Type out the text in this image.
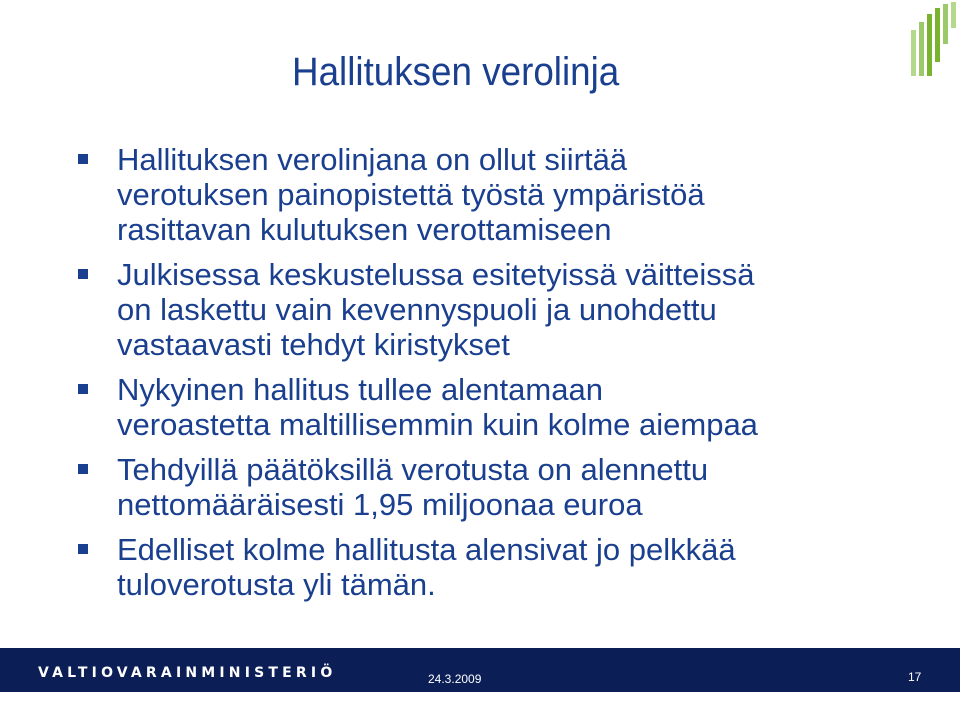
Hallituksen verolinja
Hallituksen verolinjana on ollut siirtää
verotuksen painopistettä työstä ympäristöä
rasittavan kulutuksen verottamiseen
Julkisessa keskustelussa esitetyissä väitteissä
on laskettu vain kevennyspuoli ja unohdettu
vastaavasti tehdyt kiristykset
Nykyinen hallitus tullee alentamaan
veroastetta maltillisemmin kuin kolme aiempaa
Tehdyillä päätöksillä verotusta on alennettu
nettomääräisesti 1,95 miljoonaa euroa
Edelliset kolme hallitusta alensivat jo pelkkää
tuloverotusta yli tämän.
VALTIOVARAINMINISTERIÖ	24.3.2009	17
